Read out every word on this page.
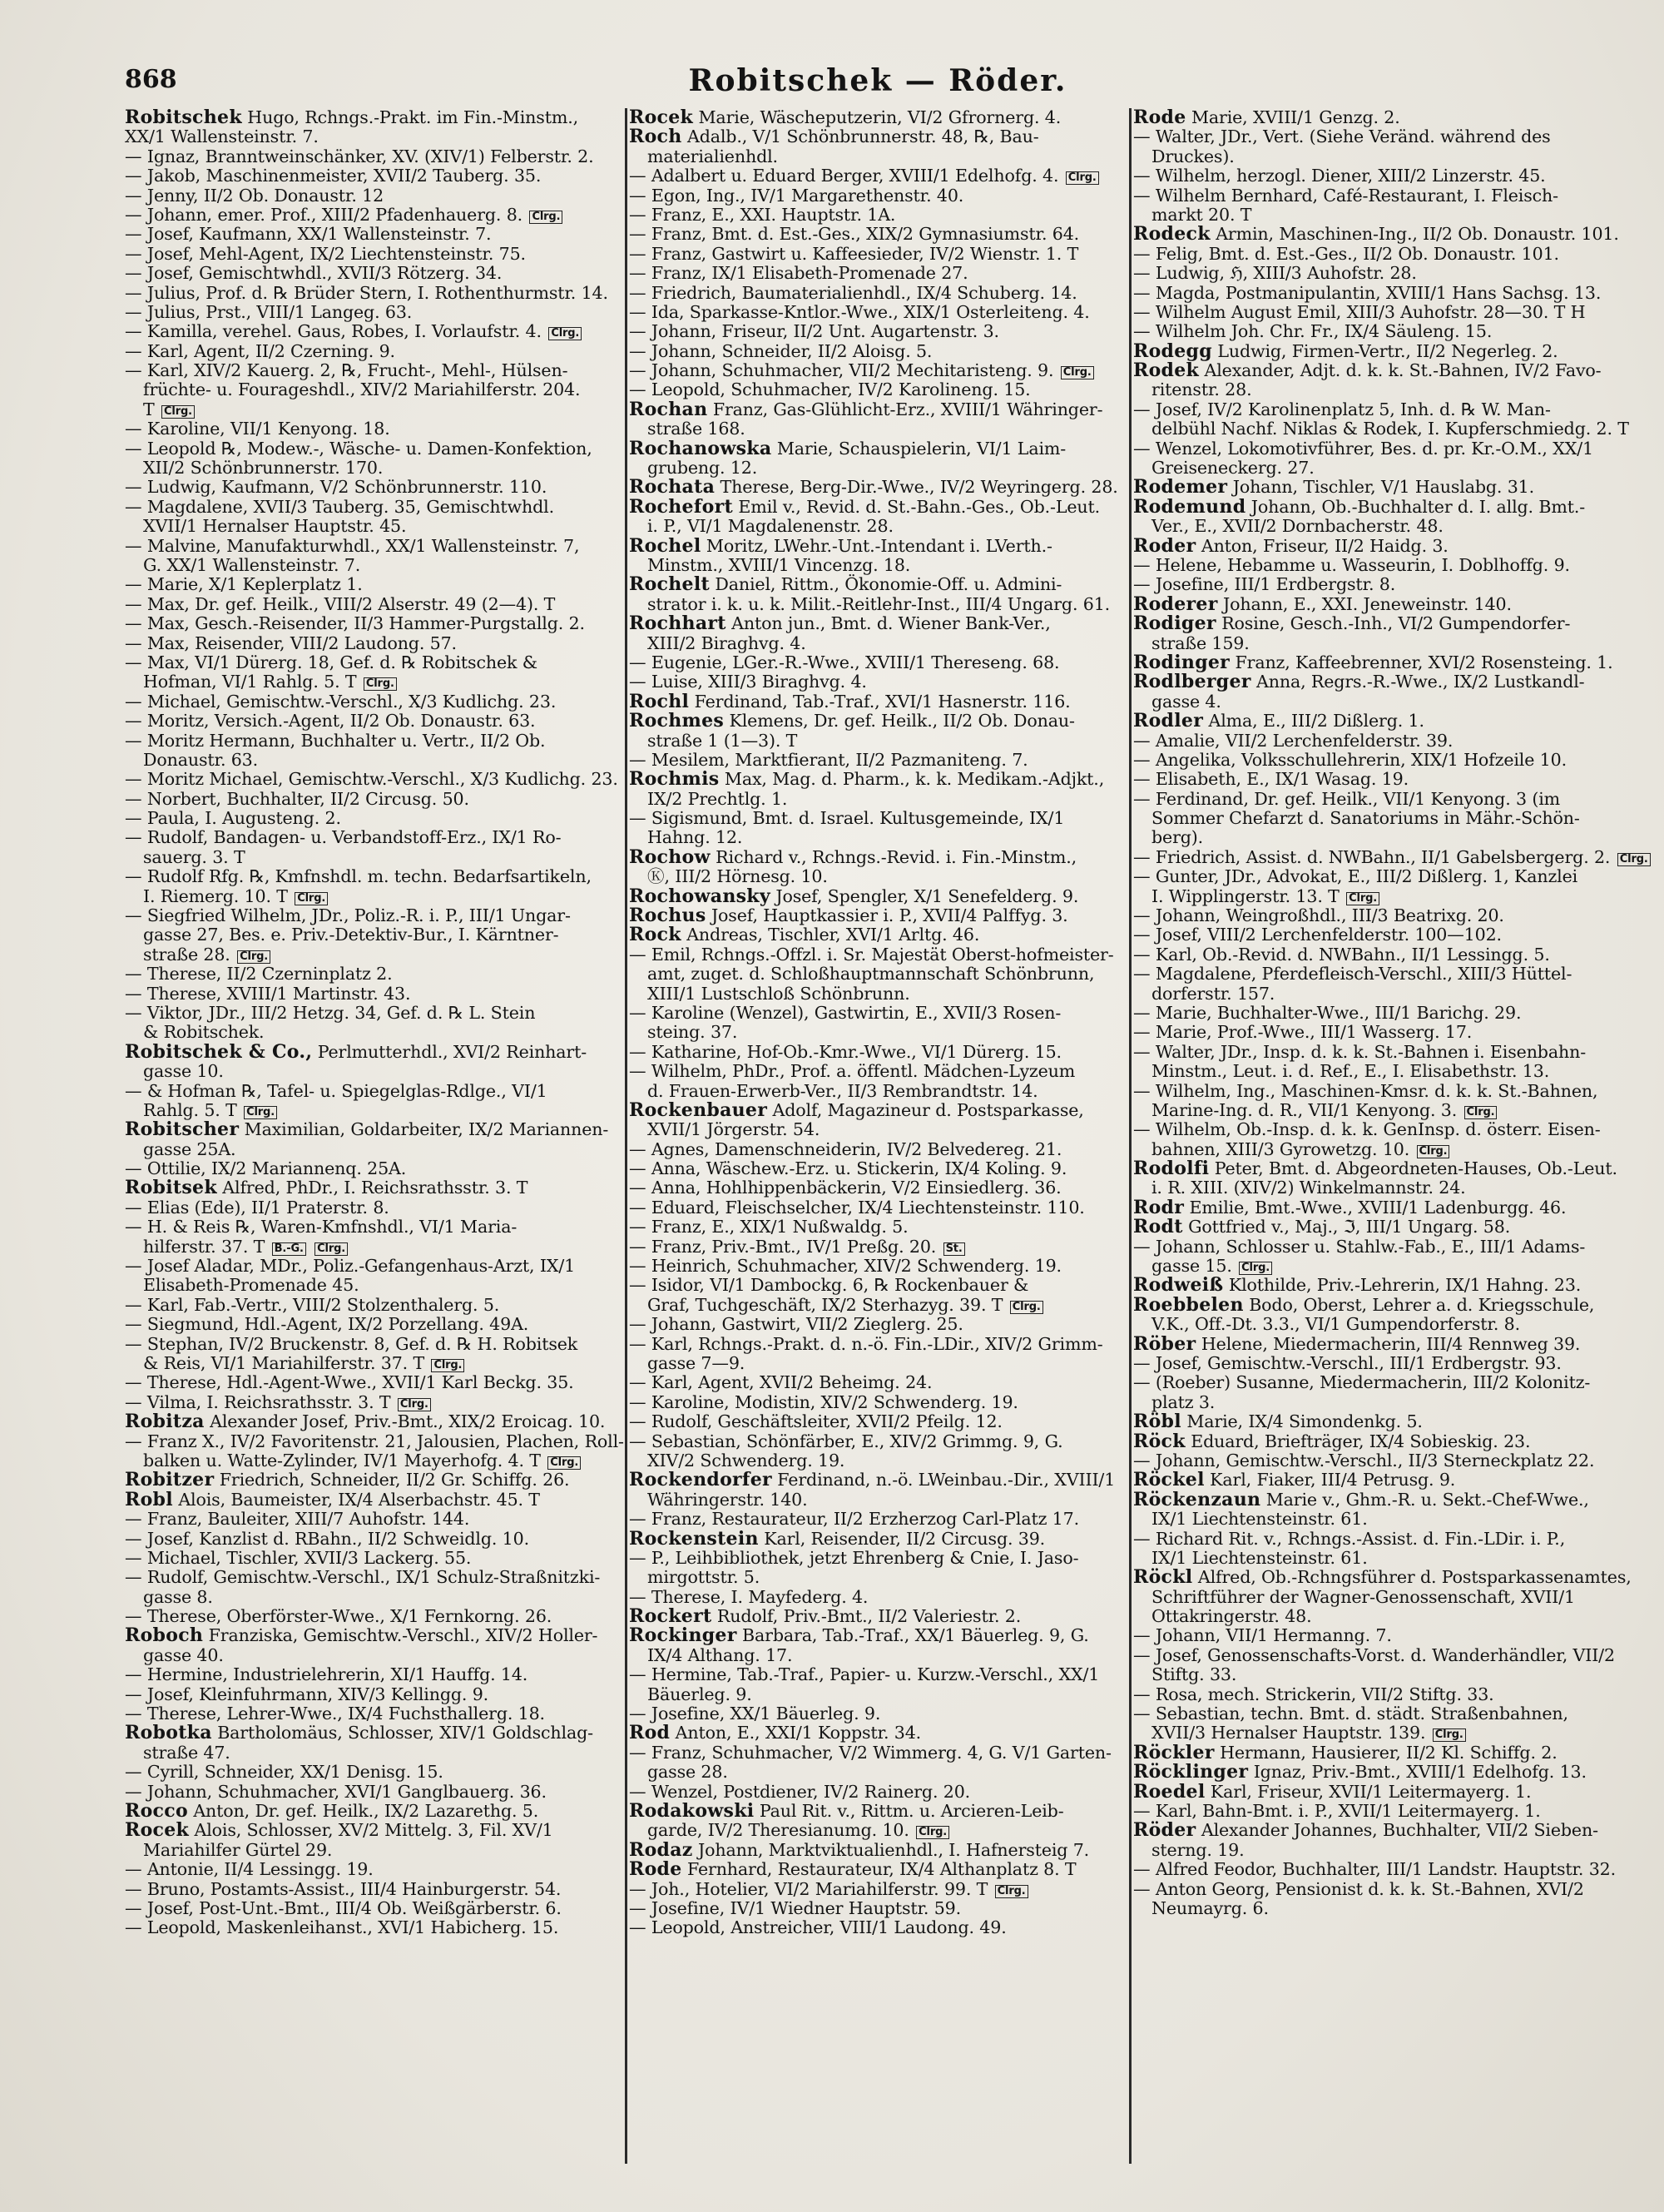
868	Robitschek — Röder.
Robitschek Hugo, Rchngs.-Prakt. im Fin.-Minstm.,
XX/1 Wallensteinstr. 7.
— Ignaz, Branntweinschänker, XV. (XIV/1) Felberstr. 2.
— Jakob, Maschinenmeister, XVII/2 Tauberg. 35.
— Jenny, II/2 Ob. Donaustr. 12
— Johann, emer. Prof., XIII/2 Pfadenhauerg. 8. Clrg.
— Josef, Kaufmann, XX/1 Wallensteinstr. 7.
— Josef, Mehl-Agent, IX/2 Liechtensteinstr. 75.
— Josef, Gemischtwhdl., XVII/3 Rötzerg. 34.
— Julius, Prof. d. ℞ Brüder Stern, I. Rothenthurmstr. 14.
— Julius, Prst., VIII/1 Langeg. 63.
— Kamilla, verehel. Gaus, Robes, I. Vorlaufstr. 4. Clrg.
— Karl, Agent, II/2 Czerning. 9.
— Karl, XIV/2 Kauerg. 2, ℞, Frucht-, Mehl-, Hülsen-
früchte- u. Fourageshdl., XIV/2 Mariahilferstr. 204.
T Clrg.
— Karoline, VII/1 Kenyong. 18.
— Leopold ℞, Modew.-, Wäsche- u. Damen-Konfektion,
XII/2 Schönbrunnerstr. 170.
— Ludwig, Kaufmann, V/2 Schönbrunnerstr. 110.
— Magdalene, XVII/3 Tauberg. 35, Gemischtwhdl.
XVII/1 Hernalser Hauptstr. 45.
— Malvine, Manufakturwhdl., XX/1 Wallensteinstr. 7,
G. XX/1 Wallensteinstr. 7.
— Marie, X/1 Keplerplatz 1.
— Max, Dr. gef. Heilk., VIII/2 Alserstr. 49 (2—4). T
— Max, Gesch.-Reisender, II/3 Hammer-Purgstallg. 2.
— Max, Reisender, VIII/2 Laudong. 57.
— Max, VI/1 Dürerg. 18, Gef. d. ℞ Robitschek &
Hofman, VI/1 Rahlg. 5. T Clrg.
— Michael, Gemischtw.-Verschl., X/3 Kudlichg. 23.
— Moritz, Versich.-Agent, II/2 Ob. Donaustr. 63.
— Moritz Hermann, Buchhalter u. Vertr., II/2 Ob.
Donaustr. 63.
— Moritz Michael, Gemischtw.-Verschl., X/3 Kudlichg. 23.
— Norbert, Buchhalter, II/2 Circusg. 50.
— Paula, I. Augusteng. 2.
— Rudolf, Bandagen- u. Verbandstoff-Erz., IX/1 Ro-
sauerg. 3. T
— Rudolf Rfg. ℞, Kmfnshdl. m. techn. Bedarfsartikeln,
I. Riemerg. 10. T Clrg.
— Siegfried Wilhelm, JDr., Poliz.-R. i. P., III/1 Ungar-
gasse 27, Bes. e. Priv.-Detektiv-Bur., I. Kärntner-
straße 28. Clrg.
— Therese, II/2 Czerninplatz 2.
— Therese, XVIII/1 Martinstr. 43.
— Viktor, JDr., III/2 Hetzg. 34, Gef. d. ℞ L. Stein
& Robitschek.
Robitschek & Co., Perlmutterhdl., XVI/2 Reinhart-
gasse 10.
— & Hofman ℞, Tafel- u. Spiegelglas-Rdlge., VI/1
Rahlg. 5. T Clrg.
Robitscher Maximilian, Goldarbeiter, IX/2 Mariannen-
gasse 25A.
— Ottilie, IX/2 Mariannenq. 25A.
Robitsek Alfred, PhDr., I. Reichsrathsstr. 3. T
— Elias (Ede), II/1 Praterstr. 8.
— H. & Reis ℞, Waren-Kmfnshdl., VI/1 Maria-
hilferstr. 37. T B.-G. Clrg.
— Josef Aladar, MDr., Poliz.-Gefangenhaus-Arzt, IX/1
Elisabeth-Promenade 45.
— Karl, Fab.-Vertr., VIII/2 Stolzenthalerg. 5.
— Siegmund, Hdl.-Agent, IX/2 Porzellang. 49A.
— Stephan, IV/2 Bruckenstr. 8, Gef. d. ℞ H. Robitsek
& Reis, VI/1 Mariahilferstr. 37. T Clrg.
— Therese, Hdl.-Agent-Wwe., XVII/1 Karl Beckg. 35.
— Vilma, I. Reichsrathsstr. 3. T Clrg.
Robitza Alexander Josef, Priv.-Bmt., XIX/2 Eroicag. 10.
— Franz X., IV/2 Favoritenstr. 21, Jalousien, Plachen, Roll-
balken u. Watte-Zylinder, IV/1 Mayerhofg. 4. T Clrg.
Robitzer Friedrich, Schneider, II/2 Gr. Schiffg. 26.
Robl Alois, Baumeister, IX/4 Alserbachstr. 45. T
— Franz, Bauleiter, XIII/7 Auhofstr. 144.
— Josef, Kanzlist d. RBahn., II/2 Schweidlg. 10.
— Michael, Tischler, XVII/3 Lackerg. 55.
— Rudolf, Gemischtw.-Verschl., IX/1 Schulz-Straßnitzki-
gasse 8.
— Therese, Oberförster-Wwe., X/1 Fernkorng. 26.
Roboch Franziska, Gemischtw.-Verschl., XIV/2 Holler-
gasse 40.
— Hermine, Industrielehrerin, XI/1 Hauffg. 14.
— Josef, Kleinfuhrmann, XIV/3 Kellingg. 9.
— Therese, Lehrer-Wwe., IX/4 Fuchsthallerg. 18.
Robotka Bartholomäus, Schlosser, XIV/1 Goldschlag-
straße 47.
— Cyrill, Schneider, XX/1 Denisg. 15.
— Johann, Schuhmacher, XVI/1 Ganglbauerg. 36.
Rocco Anton, Dr. gef. Heilk., IX/2 Lazarethg. 5.
Rocek Alois, Schlosser, XV/2 Mittelg. 3, Fil. XV/1
Mariahilfer Gürtel 29.
— Antonie, II/4 Lessingg. 19.
— Bruno, Postamts-Assist., III/4 Hainburgerstr. 54.
— Josef, Post-Unt.-Bmt., III/4 Ob. Weißgärberstr. 6.
— Leopold, Maskenleihanst., XVI/1 Habicherg. 15.
Rocek Marie, Wäscheputzerin, VI/2 Gfrornerg. 4.
Roch Adalb., V/1 Schönbrunnerstr. 48, ℞, Bau-
materialienhdl.
— Adalbert u. Eduard Berger, XVIII/1 Edelhofg. 4. Clrg.
— Egon, Ing., IV/1 Margarethenstr. 40.
— Franz, E., XXI. Hauptstr. 1A.
— Franz, Bmt. d. Est.-Ges., XIX/2 Gymnasiumstr. 64.
— Franz, Gastwirt u. Kaffeesieder, IV/2 Wienstr. 1. T
— Franz, IX/1 Elisabeth-Promenade 27.
— Friedrich, Baumaterialienhdl., IX/4 Schuberg. 14.
— Ida, Sparkasse-Kntlor.-Wwe., XIX/1 Osterleiteng. 4.
— Johann, Friseur, II/2 Unt. Augartenstr. 3.
— Johann, Schneider, II/2 Aloisg. 5.
— Johann, Schuhmacher, VII/2 Mechitaristeng. 9. Clrg.
— Leopold, Schuhmacher, IV/2 Karolineng. 15.
Rochan Franz, Gas-Glühlicht-Erz., XVIII/1 Währinger-
straße 168.
Rochanowska Marie, Schauspielerin, VI/1 Laim-
grubeng. 12.
Rochata Therese, Berg-Dir.-Wwe., IV/2 Weyringerg. 28.
Rochefort Emil v., Revid. d. St.-Bahn.-Ges., Ob.-Leut.
i. P., VI/1 Magdalenenstr. 28.
Rochel Moritz, LWehr.-Unt.-Intendant i. LVerth.-
Minstm., XVIII/1 Vincenzg. 18.
Rochelt Daniel, Rittm., Ökonomie-Off. u. Admini-
strator i. k. u. k. Milit.-Reitlehr-Inst., III/4 Ungarg. 61.
Rochhart Anton jun., Bmt. d. Wiener Bank-Ver.,
XIII/2 Biraghvg. 4.
— Eugenie, LGer.-R.-Wwe., XVIII/1 Thereseng. 68.
— Luise, XIII/3 Biraghvg. 4.
Rochl Ferdinand, Tab.-Traf., XVI/1 Hasnerstr. 116.
Rochmes Klemens, Dr. gef. Heilk., II/2 Ob. Donau-
straße 1 (1—3). T
— Mesilem, Marktfierant, II/2 Pazmaniteng. 7.
Rochmis Max, Mag. d. Pharm., k. k. Medikam.-Adjkt.,
IX/2 Prechtlg. 1.
— Sigismund, Bmt. d. Israel. Kultusgemeinde, IX/1
Hahng. 12.
Rochow Richard v., Rchngs.-Revid. i. Fin.-Minstm.,
Ⓚ, III/2 Hörnesg. 10.
Rochowansky Josef, Spengler, X/1 Senefelderg. 9.
Rochus Josef, Hauptkassier i. P., XVII/4 Palffyg. 3.
Rock Andreas, Tischler, XVI/1 Arltg. 46.
— Emil, Rchngs.-Offzl. i. Sr. Majestät Oberst-hofmeister-
amt, zuget. d. Schloßhauptmannschaft Schönbrunn,
XIII/1 Lustschloß Schönbrunn.
— Karoline (Wenzel), Gastwirtin, E., XVII/3 Rosen-
steing. 37.
— Katharine, Hof-Ob.-Kmr.-Wwe., VI/1 Dürerg. 15.
— Wilhelm, PhDr., Prof. a. öffentl. Mädchen-Lyzeum
d. Frauen-Erwerb-Ver., II/3 Rembrandtstr. 14.
Rockenbauer Adolf, Magazineur d. Postsparkasse,
XVII/1 Jörgerstr. 54.
— Agnes, Damenschneiderin, IV/2 Belvedereg. 21.
— Anna, Wäschew.-Erz. u. Stickerin, IX/4 Koling. 9.
— Anna, Hohlhippenbäckerin, V/2 Einsiedlerg. 36.
— Eduard, Fleischselcher, IX/4 Liechtensteinstr. 110.
— Franz, E., XIX/1 Nußwaldg. 5.
— Franz, Priv.-Bmt., IV/1 Preßg. 20. St.
— Heinrich, Schuhmacher, XIV/2 Schwenderg. 19.
— Isidor, VI/1 Dambockg. 6, ℞ Rockenbauer &
Graf, Tuchgeschäft, IX/2 Sterhazyg. 39. T Clrg.
— Johann, Gastwirt, VII/2 Zieglerg. 25.
— Karl, Rchngs.-Prakt. d. n.-ö. Fin.-LDir., XIV/2 Grimm-
gasse 7—9.
— Karl, Agent, XVII/2 Beheimg. 24.
— Karoline, Modistin, XIV/2 Schwenderg. 19.
— Rudolf, Geschäftsleiter, XVII/2 Pfeilg. 12.
— Sebastian, Schönfärber, E., XIV/2 Grimmg. 9, G.
XIV/2 Schwenderg. 19.
Rockendorfer Ferdinand, n.-ö. LWeinbau.-Dir., XVIII/1
Währingerstr. 140.
— Franz, Restaurateur, II/2 Erzherzog Carl-Platz 17.
Rockenstein Karl, Reisender, II/2 Circusg. 39.
— P., Leihbibliothek, jetzt Ehrenberg & Cnie, I. Jaso-
mirgottstr. 5.
— Therese, I. Mayfederg. 4.
Rockert Rudolf, Priv.-Bmt., II/2 Valeriestr. 2.
Rockinger Barbara, Tab.-Traf., XX/1 Bäuerleg. 9, G.
IX/4 Althang. 17.
— Hermine, Tab.-Traf., Papier- u. Kurzw.-Verschl., XX/1
Bäuerleg. 9.
— Josefine, XX/1 Bäuerleg. 9.
Rod Anton, E., XXI/1 Koppstr. 34.
— Franz, Schuhmacher, V/2 Wimmerg. 4, G. V/1 Garten-
gasse 28.
— Wenzel, Postdiener, IV/2 Rainerg. 20.
Rodakowski Paul Rit. v., Rittm. u. Arcieren-Leib-
garde, IV/2 Theresianumg. 10. Clrg.
Rodaz Johann, Marktviktualienhdl., I. Hafnersteig 7.
Rode Fernhard, Restaurateur, IX/4 Althanplatz 8. T
— Joh., Hotelier, VI/2 Mariahilferstr. 99. T Clrg.
— Josefine, IV/1 Wiedner Hauptstr. 59.
— Leopold, Anstreicher, VIII/1 Laudong. 49.
Rode Marie, XVIII/1 Genzg. 2.
— Walter, JDr., Vert. (Siehe Veränd. während des
Druckes).
— Wilhelm, herzogl. Diener, XIII/2 Linzerstr. 45.
— Wilhelm Bernhard, Café-Restaurant, I. Fleisch-
markt 20. T
Rodeck Armin, Maschinen-Ing., II/2 Ob. Donaustr. 101.
— Felig, Bmt. d. Est.-Ges., II/2 Ob. Donaustr. 101.
— Ludwig, ℌ, XIII/3 Auhofstr. 28.
— Magda, Postmanipulantin, XVIII/1 Hans Sachsg. 13.
— Wilhelm August Emil, XIII/3 Auhofstr. 28—30. T H
— Wilhelm Joh. Chr. Fr., IX/4 Säuleng. 15.
Rodegg Ludwig, Firmen-Vertr., II/2 Negerleg. 2.
Rodek Alexander, Adjt. d. k. k. St.-Bahnen, IV/2 Favo-
ritenstr. 28.
— Josef, IV/2 Karolinenplatz 5, Inh. d. ℞ W. Man-
delbühl Nachf. Niklas & Rodek, I. Kupferschmiedg. 2. T
— Wenzel, Lokomotivführer, Bes. d. pr. Kr.-O.M., XX/1
Greiseneckerg. 27.
Rodemer Johann, Tischler, V/1 Hauslabg. 31.
Rodemund Johann, Ob.-Buchhalter d. I. allg. Bmt.-
Ver., E., XVII/2 Dornbacherstr. 48.
Roder Anton, Friseur, II/2 Haidg. 3.
— Helene, Hebamme u. Wasseurin, I. Doblhoffg. 9.
— Josefine, III/1 Erdbergstr. 8.
Roderer Johann, E., XXI. Jeneweinstr. 140.
Rodiger Rosine, Gesch.-Inh., VI/2 Gumpendorfer-
straße 159.
Rodinger Franz, Kaffeebrenner, XVI/2 Rosensteing. 1.
Rodlberger Anna, Regrs.-R.-Wwe., IX/2 Lustkandl-
gasse 4.
Rodler Alma, E., III/2 Dißlerg. 1.
— Amalie, VII/2 Lerchenfelderstr. 39.
— Angelika, Volksschullehrerin, XIX/1 Hofzeile 10.
— Elisabeth, E., IX/1 Wasag. 19.
— Ferdinand, Dr. gef. Heilk., VII/1 Kenyong. 3 (im
Sommer Chefarzt d. Sanatoriums in Mähr.-Schön-
berg).
— Friedrich, Assist. d. NWBahn., II/1 Gabelsbergerg. 2. Clrg.
— Gunter, JDr., Advokat, E., III/2 Dißlerg. 1, Kanzlei
I. Wipplingerstr. 13. T Clrg.
— Johann, Weingroßhdl., III/3 Beatrixg. 20.
— Josef, VIII/2 Lerchenfelderstr. 100—102.
— Karl, Ob.-Revid. d. NWBahn., II/1 Lessingg. 5.
— Magdalene, Pferdefleisch-Verschl., XIII/3 Hüttel-
dorferstr. 157.
— Marie, Buchhalter-Wwe., III/1 Barichg. 29.
— Marie, Prof.-Wwe., III/1 Wasserg. 17.
— Walter, JDr., Insp. d. k. k. St.-Bahnen i. Eisenbahn-
Minstm., Leut. i. d. Ref., E., I. Elisabethstr. 13.
— Wilhelm, Ing., Maschinen-Kmsr. d. k. k. St.-Bahnen,
Marine-Ing. d. R., VII/1 Kenyong. 3. Clrg.
— Wilhelm, Ob.-Insp. d. k. k. GenInsp. d. österr. Eisen-
bahnen, XIII/3 Gyrowetzg. 10. Clrg.
Rodolfi Peter, Bmt. d. Abgeordneten-Hauses, Ob.-Leut.
i. R. XIII. (XIV/2) Winkelmannstr. 24.
Rodr Emilie, Bmt.-Wwe., XVIII/1 Ladenburgg. 46.
Rodt Gottfried v., Maj., ℑ, III/1 Ungarg. 58.
— Johann, Schlosser u. Stahlw.-Fab., E., III/1 Adams-
gasse 15. Clrg.
Rodweiß Klothilde, Priv.-Lehrerin, IX/1 Hahng. 23.
Roebbelen Bodo, Oberst, Lehrer a. d. Kriegsschule,
V.K., Off.-Dt. 3.3., VI/1 Gumpendorferstr. 8.
Röber Helene, Miedermacherin, III/4 Rennweg 39.
— Josef, Gemischtw.-Verschl., III/1 Erdbergstr. 93.
— (Roeber) Susanne, Miedermacherin, III/2 Kolonitz-
platz 3.
Röbl Marie, IX/4 Simondenkg. 5.
Röck Eduard, Briefträger, IX/4 Sobieskig. 23.
— Johann, Gemischtw.-Verschl., II/3 Sterneckplatz 22.
Röckel Karl, Fiaker, III/4 Petrusg. 9.
Röckenzaun Marie v., Ghm.-R. u. Sekt.-Chef-Wwe.,
IX/1 Liechtensteinstr. 61.
— Richard Rit. v., Rchngs.-Assist. d. Fin.-LDir. i. P.,
IX/1 Liechtensteinstr. 61.
Röckl Alfred, Ob.-Rchngsführer d. Postsparkassenamtes,
Schriftführer der Wagner-Genossenschaft, XVII/1
Ottakringerstr. 48.
— Johann, VII/1 Hermanng. 7.
— Josef, Genossenschafts-Vorst. d. Wanderhändler, VII/2
Stiftg. 33.
— Rosa, mech. Strickerin, VII/2 Stiftg. 33.
— Sebastian, techn. Bmt. d. städt. Straßenbahnen,
XVII/3 Hernalser Hauptstr. 139. Clrg.
Röckler Hermann, Hausierer, II/2 Kl. Schiffg. 2.
Röcklinger Ignaz, Priv.-Bmt., XVIII/1 Edelhofg. 13.
Roedel Karl, Friseur, XVII/1 Leitermayerg. 1.
— Karl, Bahn-Bmt. i. P., XVII/1 Leitermayerg. 1.
Röder Alexander Johannes, Buchhalter, VII/2 Sieben-
sterng. 19.
— Alfred Feodor, Buchhalter, III/1 Landstr. Hauptstr. 32.
— Anton Georg, Pensionist d. k. k. St.-Bahnen, XVI/2
Neumayrg. 6.
